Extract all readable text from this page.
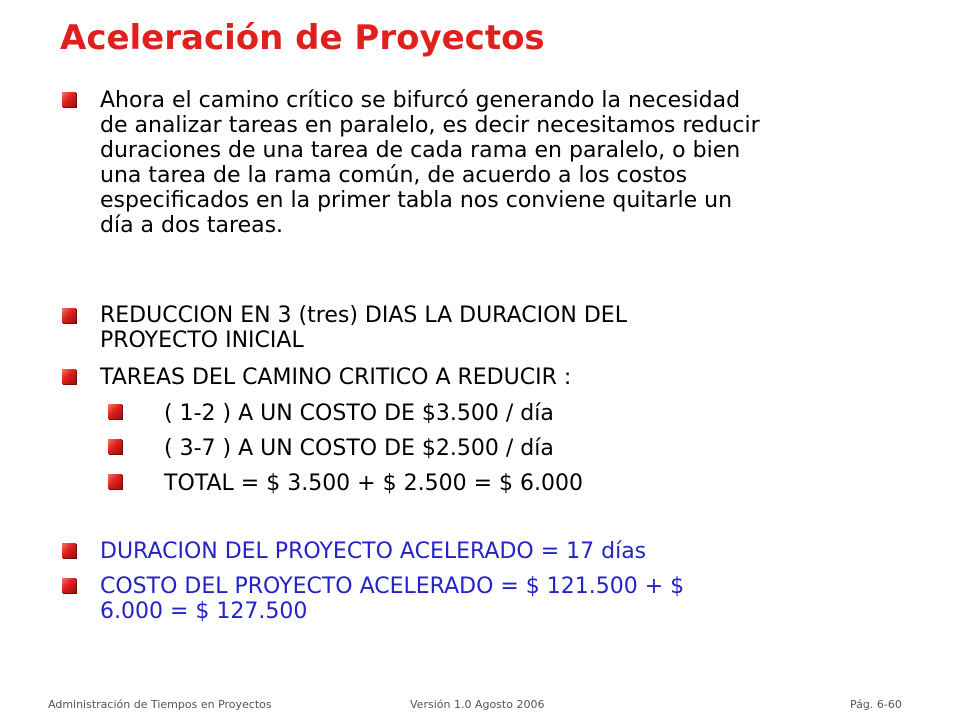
Aceleración de Proyectos

Ahora el camino crítico se bifurcó generando la necesidad

de analizar tareas en paralelo, es decir necesitamos reducir

duraciones de una tarea de cada rama en paralelo, o bien

una tarea de la rama común, de acuerdo a los costos

especificados en la primer tabla nos conviene quitarle un

día a dos tareas.

REDUCCION EN 3 (tres) DIAS LA DURACION DEL

PROYECTO INICIAL

TAREAS DEL CAMINO CRITICO A REDUCIR :

( 1-2 ) A UN COSTO DE $3.500 / día

( 3-7 ) A UN COSTO DE $2.500 / día

TOTAL = $ 3.500 + $ 2.500 = $ 6.000

DURACION DEL PROYECTO ACELERADO = 17 días

COSTO DEL PROYECTO ACELERADO = $ 121.500 + $

6.000 = $ 127.500

Administración de Tiempos en Proyectos	Versión 1.0 Agosto 2006	Pág. 6-60
